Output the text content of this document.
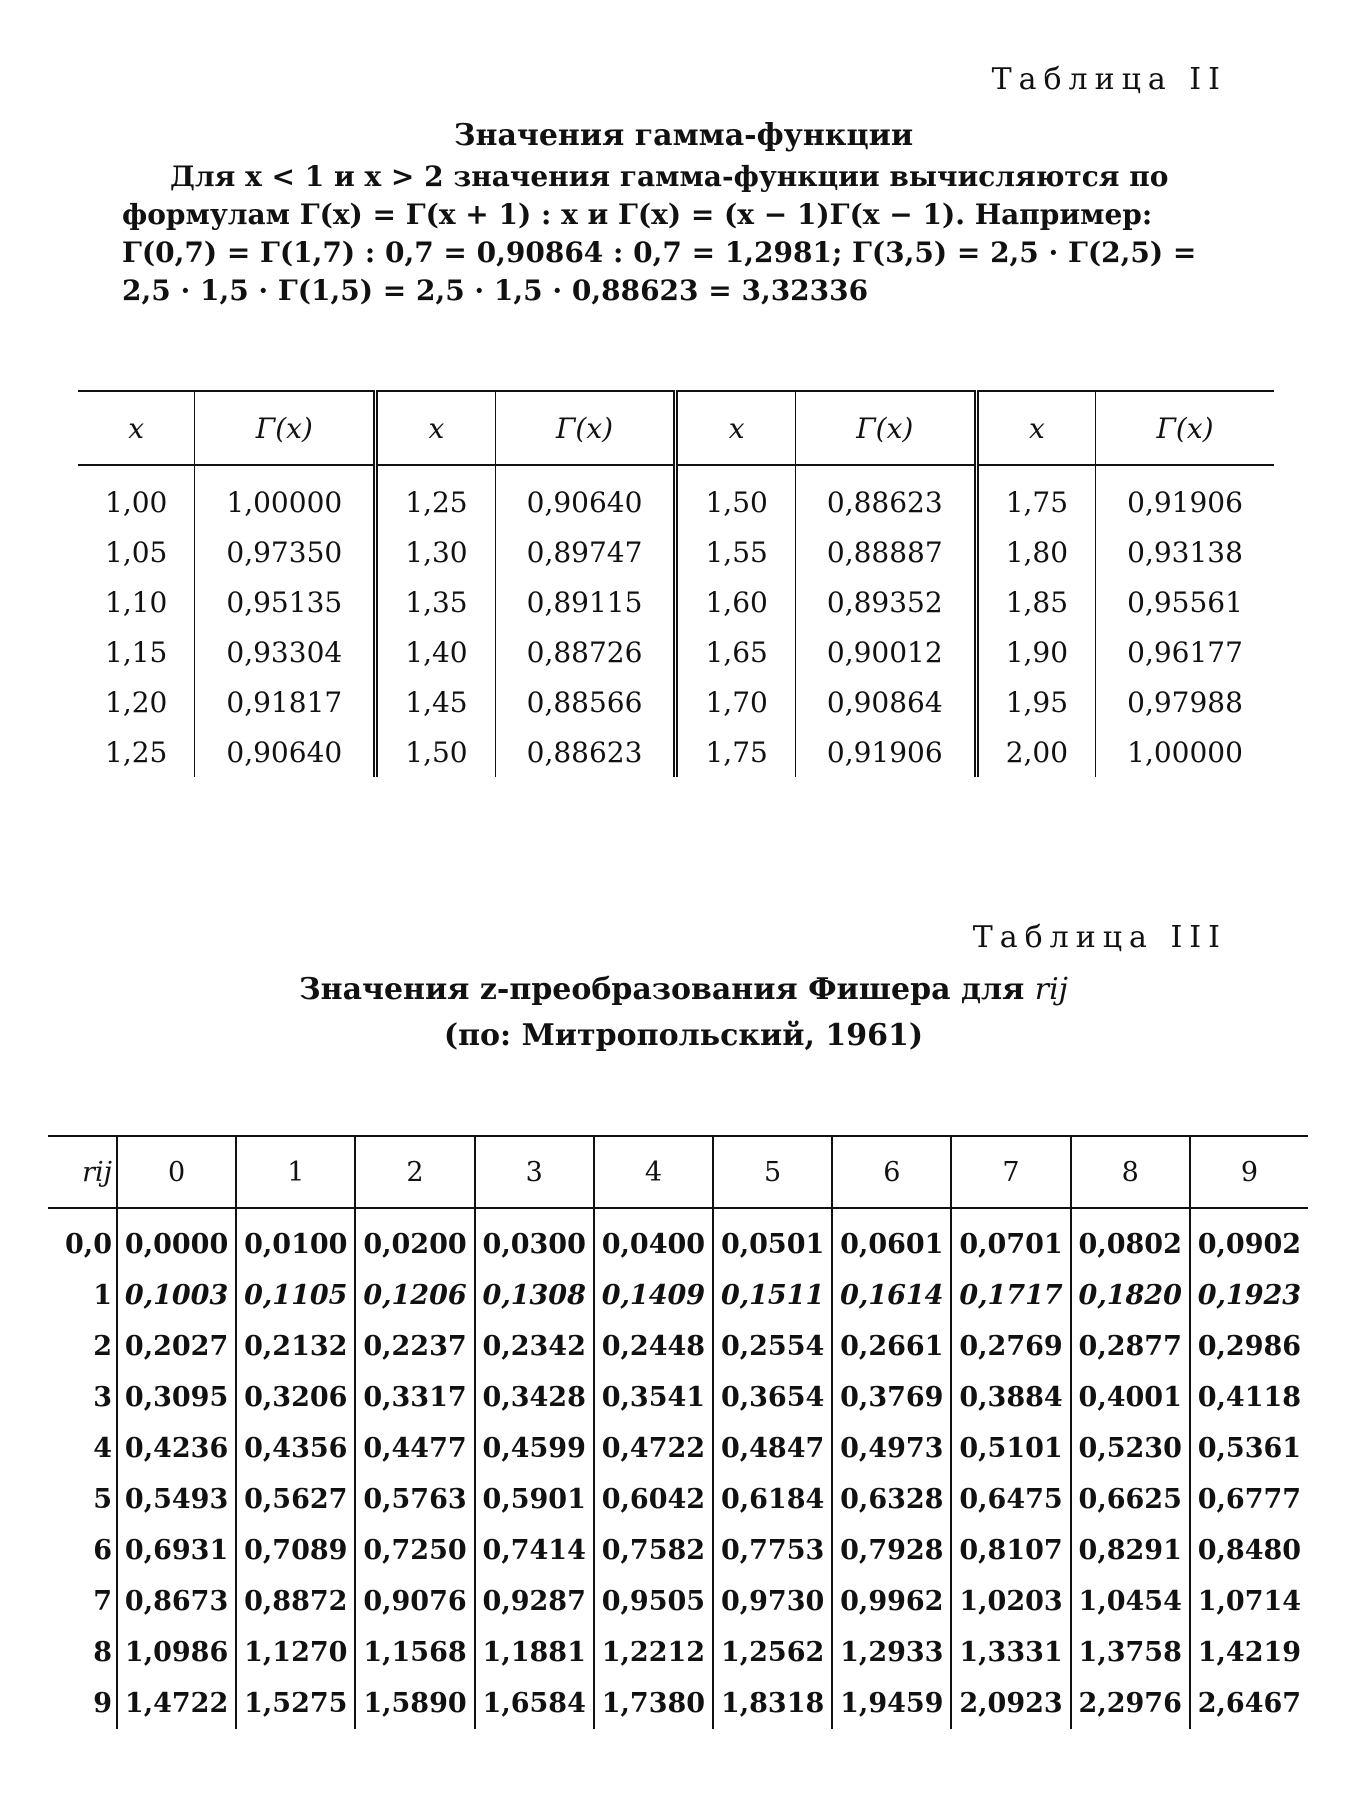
Таблица II
Значения гамма-функции

Для x < 1 и x > 2 значения гамма-функции вычисляются по

формулам Γ(x) = Γ(x + 1) : x и Γ(x) = (x − 1)Γ(x − 1). Например:

Γ(0,7) = Γ(1,7) : 0,7 = 0,90864 : 0,7 = 1,2981; Γ(3,5) = 2,5 · Γ(2,5) =

2,5 · 1,5 · Γ(1,5) = 2,5 · 1,5 · 0,88623 = 3,32336

x	Γ(x)	x	Γ(x)	x	Γ(x)	x	Γ(x)
1,00	1,00000	1,25	0,90640	1,50	0,88623	1,75	0,91906
1,05	0,97350	1,30	0,89747	1,55	0,88887	1,80	0,93138
1,10	0,95135	1,35	0,89115	1,60	0,89352	1,85	0,95561
1,15	0,93304	1,40	0,88726	1,65	0,90012	1,90	0,96177
1,20	0,91817	1,45	0,88566	1,70	0,90864	1,95	0,97988
1,25	0,90640	1,50	0,88623	1,75	0,91906	2,00	1,00000
Таблица III
Значения z-преобразования Фишера для rij
(по: Митропольский, 1961)
rij	0	1	2	3	4	5	6	7	8	9
0,0	0,0000	0,0100	0,0200	0,0300	0,0400	0,0501	0,0601	0,0701	0,0802	0,0902
1	0,1003	0,1105	0,1206	0,1308	0,1409	0,1511	0,1614	0,1717	0,1820	0,1923
2	0,2027	0,2132	0,2237	0,2342	0,2448	0,2554	0,2661	0,2769	0,2877	0,2986
3	0,3095	0,3206	0,3317	0,3428	0,3541	0,3654	0,3769	0,3884	0,4001	0,4118
4	0,4236	0,4356	0,4477	0,4599	0,4722	0,4847	0,4973	0,5101	0,5230	0,5361
5	0,5493	0,5627	0,5763	0,5901	0,6042	0,6184	0,6328	0,6475	0,6625	0,6777
6	0,6931	0,7089	0,7250	0,7414	0,7582	0,7753	0,7928	0,8107	0,8291	0,8480
7	0,8673	0,8872	0,9076	0,9287	0,9505	0,9730	0,9962	1,0203	1,0454	1,0714
8	1,0986	1,1270	1,1568	1,1881	1,2212	1,2562	1,2933	1,3331	1,3758	1,4219
9	1,4722	1,5275	1,5890	1,6584	1,7380	1,8318	1,9459	2,0923	2,2976	2,6467
